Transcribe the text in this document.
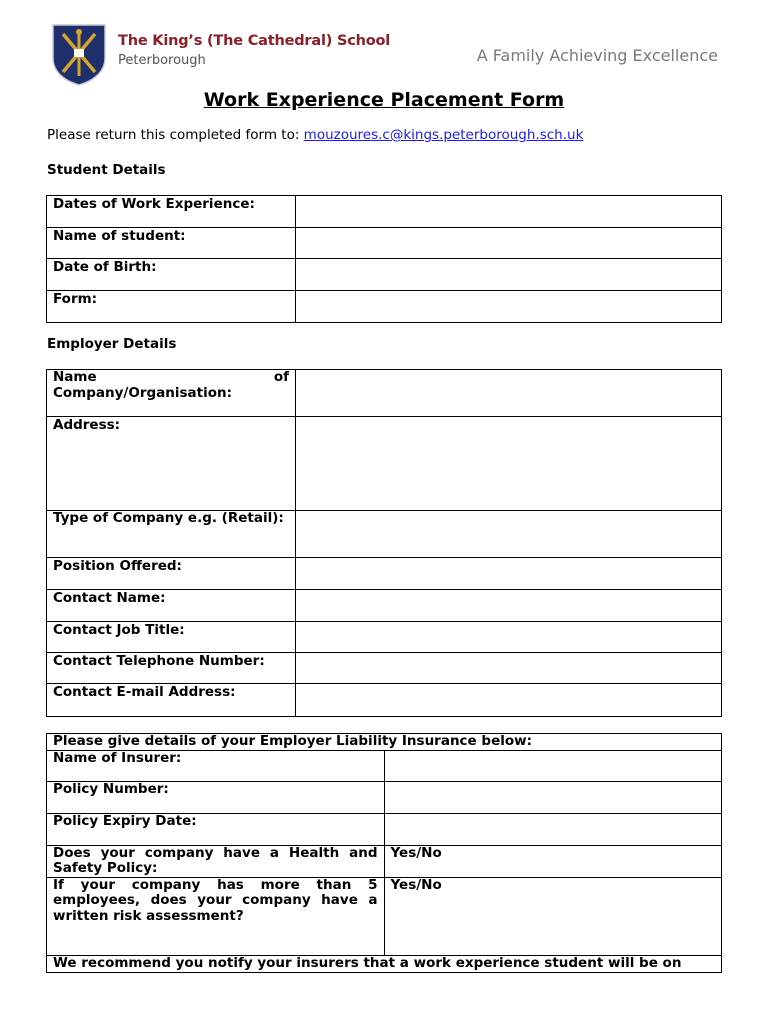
The King’s (The Cathedral) School
Peterborough	A Family Achieving Excellence
Work Experience Placement Form
Please return this completed form to: mouzoures.c@kings.peterborough.sch.uk
Student Details
Dates of Work Experience:	
Name of student:	
Date of Birth:	
Form:	
Employer Details
Name of Company/Organisation:	
Address:	
Type of Company e.g. (Retail):	
Position Offered:	
Contact Name:	
Contact Job Title:	
Contact Telephone Number:	
Contact E-mail Address:	
Please give details of your Employer Liability Insurance below:	
Name of Insurer:	
Policy Number:	
Policy Expiry Date:	
Does your company have a Health and Safety Policy:	Yes/No
If your company has more than 5 employees, does your company have a written risk assessment?	Yes/No
We recommend you notify your insurers that a work experience student will be on	
